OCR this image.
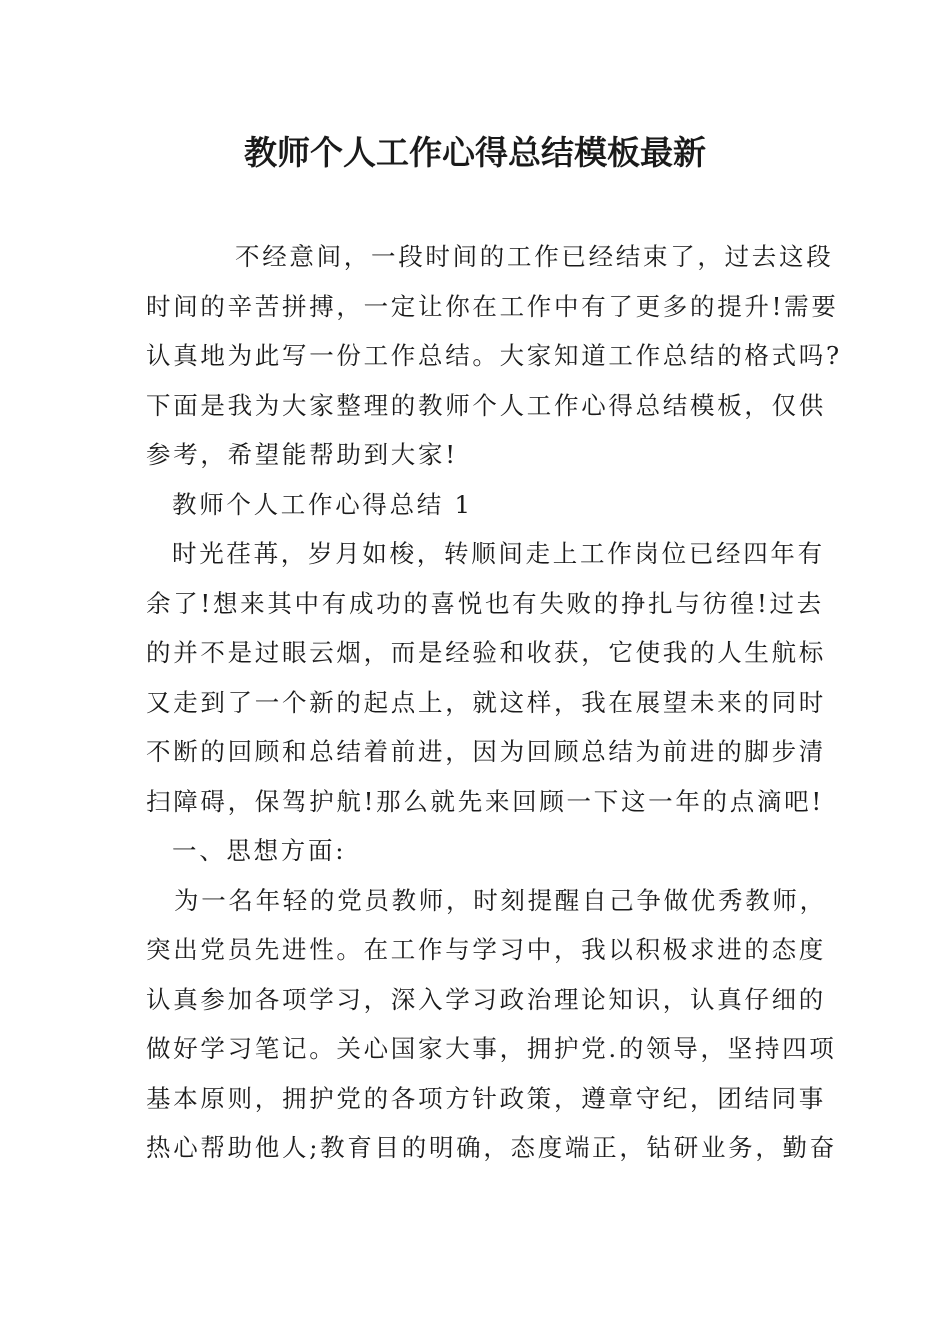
教师个人工作心得总结模板最新
不经意间，一段时间的工作已经结束了，过去这段
时间的辛苦拼搏，一定让你在工作中有了更多的提升!需要
认真地为此写一份工作总结。大家知道工作总结的格式吗?
下面是我为大家整理的教师个人工作心得总结模板，仅供
参考，希望能帮助到大家!
教师个人工作心得总结 1
时光荏苒，岁月如梭，转顺间走上工作岗位已经四年有
余了!想来其中有成功的喜悦也有失败的挣扎与彷徨!过去
的并不是过眼云烟，而是经验和收获，它使我的人生航标
又走到了一个新的起点上，就这样，我在展望未来的同时
不断的回顾和总结着前进，因为回顾总结为前进的脚步清
扫障碍，保驾护航!那么就先来回顾一下这一年的点滴吧!
一、思想方面:
为一名年轻的党员教师，时刻提醒自己争做优秀教师，
突出党员先进性。在工作与学习中，我以积极求进的态度
认真参加各项学习，深入学习政治理论知识，认真仔细的
做好学习笔记。关心国家大事，拥护党.的领导，坚持四项
基本原则，拥护党的各项方针政策，遵章守纪，团结同事
热心帮助他人;教育目的明确，态度端正，钻研业务，勤奋
